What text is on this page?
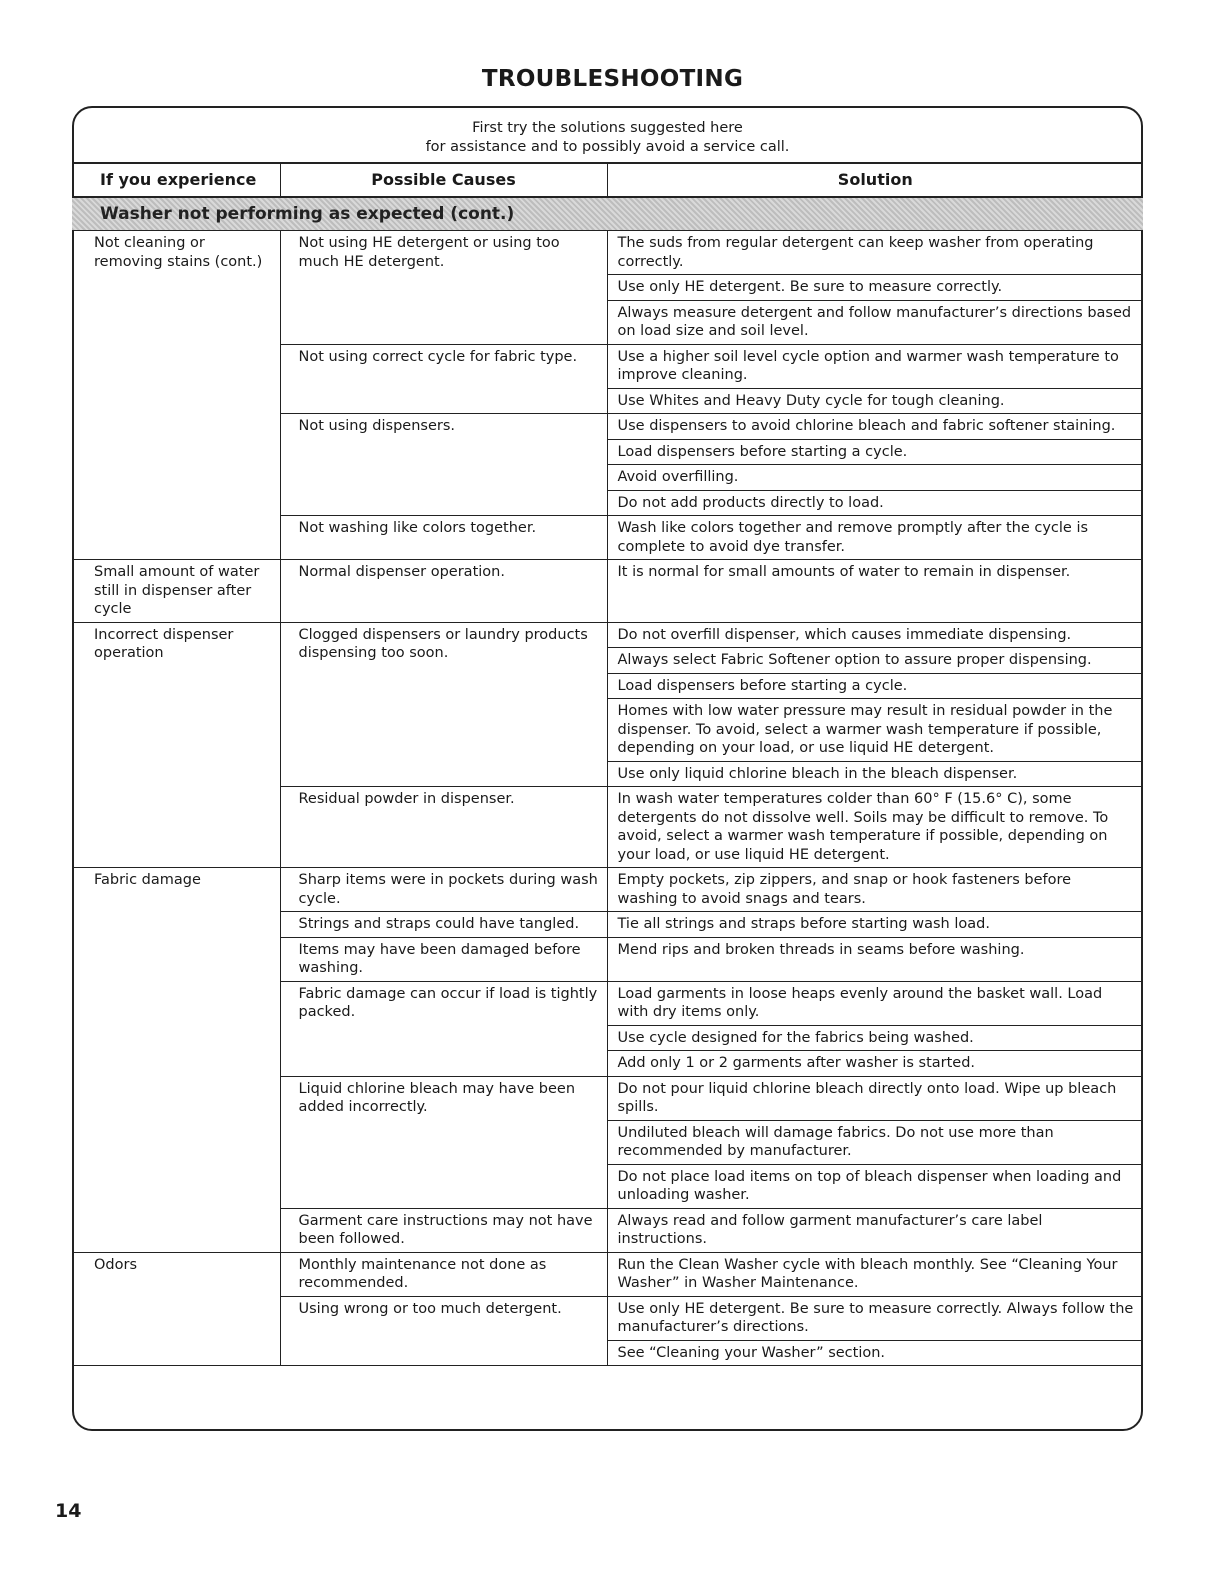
TROUBLESHOOTING
First try the solutions suggested here
for assistance and to possibly avoid a service call.
If you experience	Possible Causes	Solution
Washer not performing as expected (cont.)		
Not cleaning or removing stains (cont.)	Not using HE detergent or using too much HE detergent.	The suds from regular detergent can keep washer from operating correctly.
		Use only HE detergent. Be sure to measure correctly.
		Always measure detergent and follow manufacturer’s directions based on load size and soil level.
	Not using correct cycle for fabric type.	Use a higher soil level cycle option and warmer wash temperature to improve cleaning.
		Use Whites and Heavy Duty cycle for tough cleaning.
	Not using dispensers.	Use dispensers to avoid chlorine bleach and fabric softener staining.
		Load dispensers before starting a cycle.
		Avoid overfilling.
		Do not add products directly to load.
	Not washing like colors together.	Wash like colors together and remove promptly after the cycle is complete to avoid dye transfer.
Small amount of water still in dispenser after cycle	Normal dispenser operation.	It is normal for small amounts of water to remain in dispenser.
Incorrect dispenser operation	Clogged dispensers or laundry products dispensing too soon.	Do not overfill dispenser, which causes immediate dispensing.
		Always select Fabric Softener option to assure proper dispensing.
		Load dispensers before starting a cycle.
		Homes with low water pressure may result in residual powder in the dispenser. To avoid, select a warmer wash temperature if possible, depending on your load, or use liquid HE detergent.
		Use only liquid chlorine bleach in the bleach dispenser.
	Residual powder in dispenser.	In wash water temperatures colder than 60° F (15.6° C), some detergents do not dissolve well. Soils may be difficult to remove. To avoid, select a warmer wash temperature if possible, depending on your load, or use liquid HE detergent.
Fabric damage	Sharp items were in pockets during wash cycle.	Empty pockets, zip zippers, and snap or hook fasteners before washing to avoid snags and tears.
	Strings and straps could have tangled.	Tie all strings and straps before starting wash load.
	Items may have been damaged before washing.	Mend rips and broken threads in seams before washing.
	Fabric damage can occur if load is tightly packed.	Load garments in loose heaps evenly around the basket wall. Load with dry items only.
		Use cycle designed for the fabrics being washed.
		Add only 1 or 2 garments after washer is started.
	Liquid chlorine bleach may have been added incorrectly.	Do not pour liquid chlorine bleach directly onto load. Wipe up bleach spills.
		Undiluted bleach will damage fabrics. Do not use more than recommended by manufacturer.
		Do not place load items on top of bleach dispenser when loading and unloading washer.
	Garment care instructions may not have been followed.	Always read and follow garment manufacturer’s care label instructions.
Odors	Monthly maintenance not done as recommended.	Run the Clean Washer cycle with bleach monthly. See “Cleaning Your Washer” in Washer Maintenance.
	Using wrong or too much detergent.	Use only HE detergent. Be sure to measure correctly. Always follow the manufacturer’s directions.
		See “Cleaning your Washer” section.
14
